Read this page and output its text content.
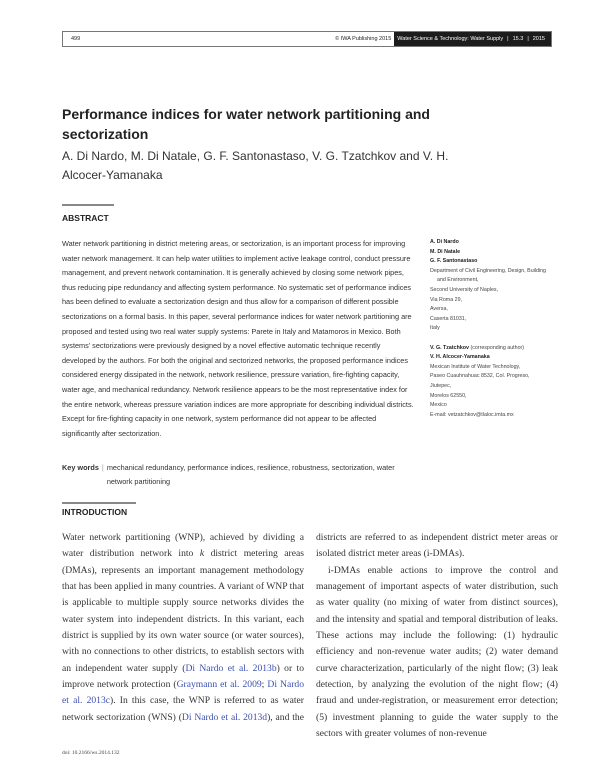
499	© IWA Publishing 2015	Water Science & Technology: Water Supply | 15.3 | 2015
Performance indices for water network partitioning and sectorization
A. Di Nardo, M. Di Natale, G. F. Santonastaso, V. G. Tzatchkov and V. H. Alcocer-Yamanaka
ABSTRACT
Water network partitioning in district metering areas, or sectorization, is an important process for improving water network management. It can help water utilities to implement active leakage control, conduct pressure management, and prevent network contamination. It is generally achieved by closing some network pipes, thus reducing pipe redundancy and affecting system performance. No systematic set of performance indices has been defined to evaluate a sectorization design and thus allow for a comparison of different possible sectorizations on a formal basis. In this paper, several performance indices for water network partitioning are proposed and tested using two real water supply systems: Parete in Italy and Matamoros in Mexico. Both systems' sectorizations were previously designed by a novel effective automatic technique recently developed by the authors. For both the original and sectorized networks, the proposed performance indices considered energy dissipated in the network, network resilience, pressure variation, fire-fighting capacity, water age, and mechanical redundancy. Network resilience appears to be the most representative index for the entire network, whereas pressure variation indices are more appropriate for describing individual districts. Except for fire-fighting capacity in one network, system performance did not appear to be affected significantly after sectorization.
Key words | mechanical redundancy, performance indices, resilience, robustness, sectorization, water network partitioning
A. Di Nardo
M. Di Natale
G. F. Santonastaso
Department of Civil Engineering, Design, Building
and Environment,
Second University of Naples,
Via Roma 29,
Aversa,
Caserta 81031,
Italy
V. G. Tzatchkov (corresponding author)
V. H. Alcocer-Yamanaka
Mexican Institute of Water Technology,
Paseo Cuauhnahuac 8532, Col. Progreso,
Jiutepec,
Morelos 62550,
Mexico
E-mail: vetzatchkov@tlaloc.imta.mx
INTRODUCTION

Water network partitioning (WNP), achieved by dividing a water distribution network into k district metering areas (DMAs), represents an important management methodology that has been applied in many countries. A variant of WNP that is applicable to multiple supply source networks divides the water system into independent districts. In this variant, each district is supplied by its own water source (or water sources), with no connections to other districts, to establish sectors with an independent water supply (Di Nardo et al. 2013b) or to improve network protection (Graymann et al. 2009; Di Nardo et al. 2013c). In this case, the WNP is referred to as water network sectorization (WNS) (Di Nardo et al. 2013d), and the districts are referred to as independent district meter areas or isolated district meter areas (i-DMAs).

i-DMAs enable actions to improve the control and management of important aspects of water distribution, such as water quality (no mixing of water from distinct sources), and the intensity and spatial and temporal distribution of leaks. These actions may include the following: (1) hydraulic efficiency and non-revenue water audits; (2) water demand curve characterization, particularly of the night flow; (3) leak detection, by analyzing the evolution of the night flow; (4) fraud and under-registration, or measurement error detection; (5) investment planning to guide the water supply to the sectors with greater volumes of non-revenue

doi: 10.2166/ws.2014.132
